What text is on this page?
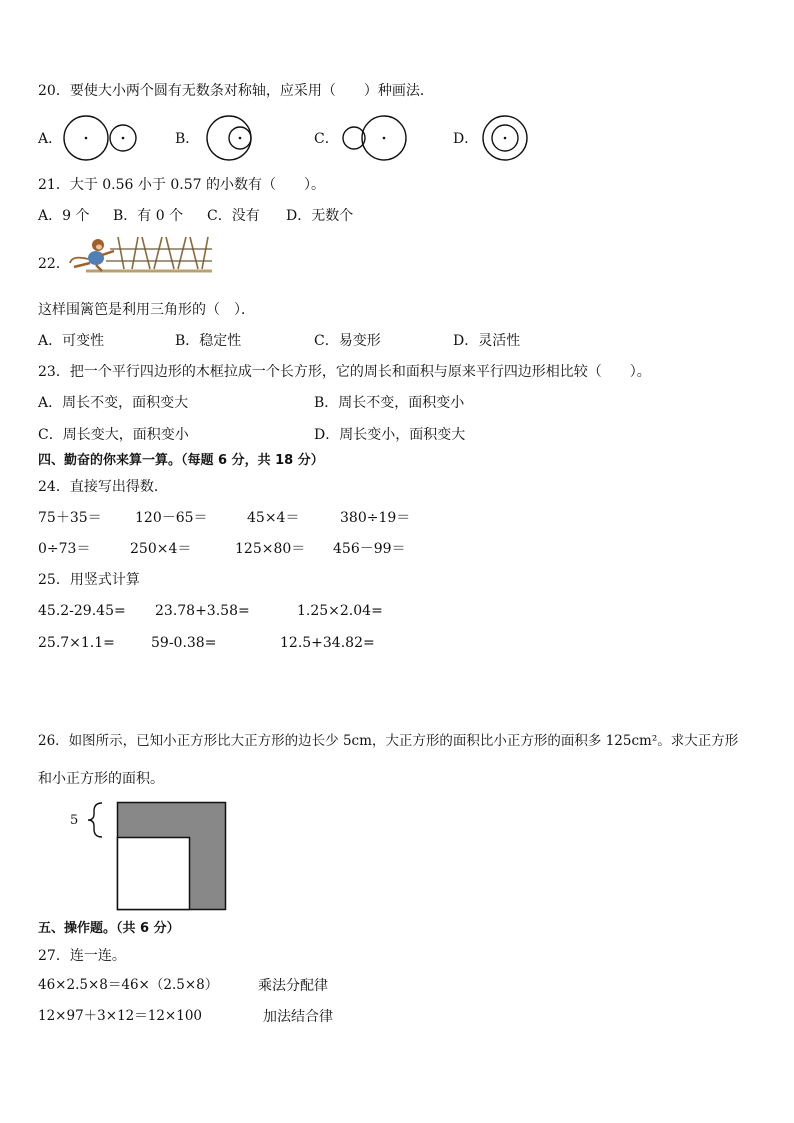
20．要使大小两个圆有无数条对称轴，应采用（　　）种画法．
A．	B．	C．	D．
21．大于 0.56 小于 0.57 的小数有（　　）。
A．9 个 B．有 0 个 C．没有 D．无数个
22．
这样围篱笆是利用三角形的（　）．
A．可变性	B．稳定性	C．易变形	D．灵活性
23．把一个平行四边形的木框拉成一个长方形，它的周长和面积与原来平行四边形相比较（　　）。
A．周长不变，面积变大	B．周长不变，面积变小
C．周长变大，面积变小	D．周长变小，面积变大
四、勤奋的你来算一算。（每题 6 分，共 18 分）
24．直接写出得数．
75＋35＝ 120－65＝	45×4＝	380÷19＝
0÷73＝	250×4＝	125×80＝ 456－99＝
25．用竖式计算
45.2-29.45= 23.78+3.58=	1.25×2.04=
25.7×1.1=	59-0.38=	12.5+34.82=
26．如图所示，已知小正方形比大正方形的边长少 5cm，大正方形的面积比小正方形的面积多 125cm²。求大正方形
和小正方形的面积。
5
五、操作题。（共 6 分）
27．连一连。
46×2.5×8＝46×（2.5×8）	乘法分配律
12×97＋3×12＝12×100	加法结合律
